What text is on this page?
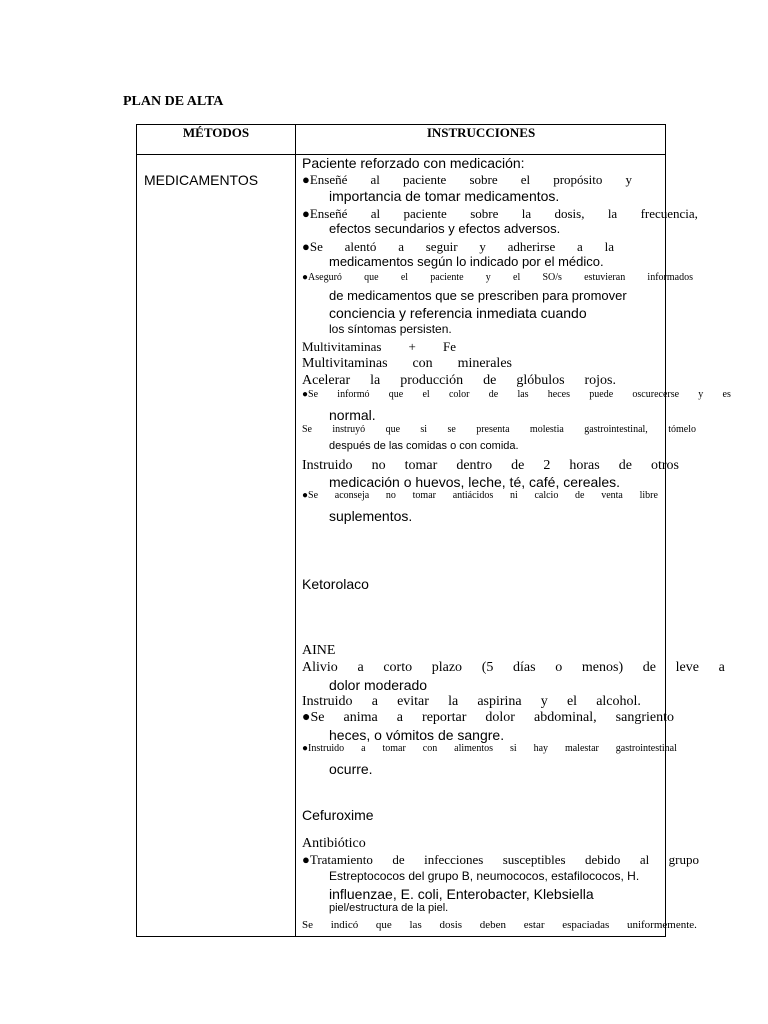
PLAN DE ALTA
MÉTODOS	INSTRUCCIONES
MEDICAMENTOS
Paciente reforzado con medicación:
●Enseñé al paciente sobre el propósito y
importancia de tomar medicamentos.
●Enseñé al paciente sobre la dosis, la frecuencia,
efectos secundarios y efectos adversos.
●Se alentó a seguir y adherirse a la
medicamentos según lo indicado por el médico.
●Aseguró que el paciente y el SO/s estuvieran informados
de medicamentos que se prescriben para promover
conciencia y referencia inmediata cuando
los síntomas persisten.
Multivitaminas + Fe
Multivitaminas con minerales
Acelerar la producción de glóbulos rojos.
●Se informó que el color de las heces puede oscurecerse y es
normal.
Se instruyó que si se presenta molestia gastrointestinal, tómelo
después de las comidas o con comida.
Instruido no tomar dentro de 2 horas de otros
medicación o huevos, leche, té, café, cereales.
●Se aconseja no tomar antiácidos ni calcio de venta libre
suplementos.
Ketorolaco
AINE
Alivio a corto plazo (5 días o menos) de leve a
dolor moderado
Instruido a evitar la aspirina y el alcohol.
●Se anima a reportar dolor abdominal, sangriento
heces, o vómitos de sangre.
●Instruido a tomar con alimentos si hay malestar gastrointestinal
ocurre.
Cefuroxime
Antibiótico
●Tratamiento de infecciones susceptibles debido al grupo
Estreptococos del grupo B, neumococos, estafilococos, H.
influenzae, E. coli, Enterobacter, Klebsiella
piel/estructura de la piel.
Se indicó que las dosis deben estar espaciadas uniformemente.
